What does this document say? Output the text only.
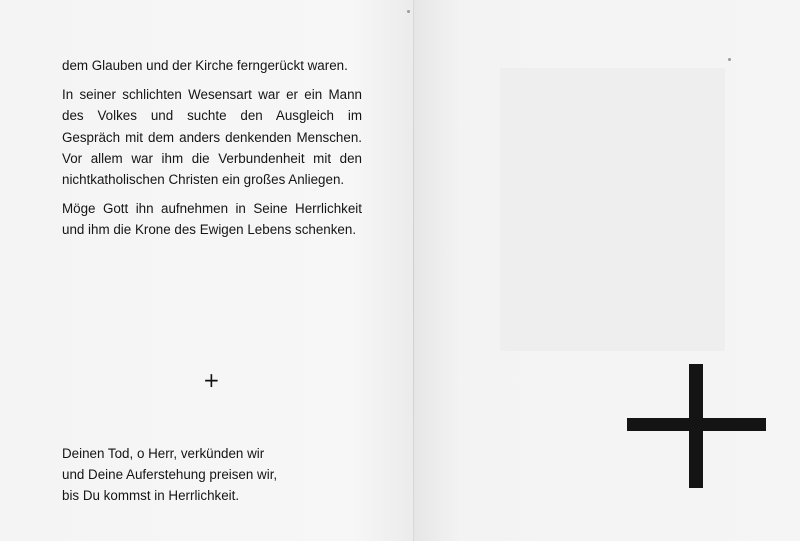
dem Glauben und der Kirche ferngerückt waren.

In seiner schlichten Wesensart war er ein Mann des Volkes und suchte den Ausgleich im Gespräch mit dem anders denkenden Menschen. Vor allem war ihm die Verbundenheit mit den nichtkatholischen Christen ein großes Anliegen.

Möge Gott ihn aufnehmen in Seine Herrlichkeit und ihm die Krone des Ewigen Lebens schenken.

+
Deinen Tod, o Herr, verkünden wir
und Deine Auferstehung preisen wir,
bis Du kommst in Herrlichkeit.
